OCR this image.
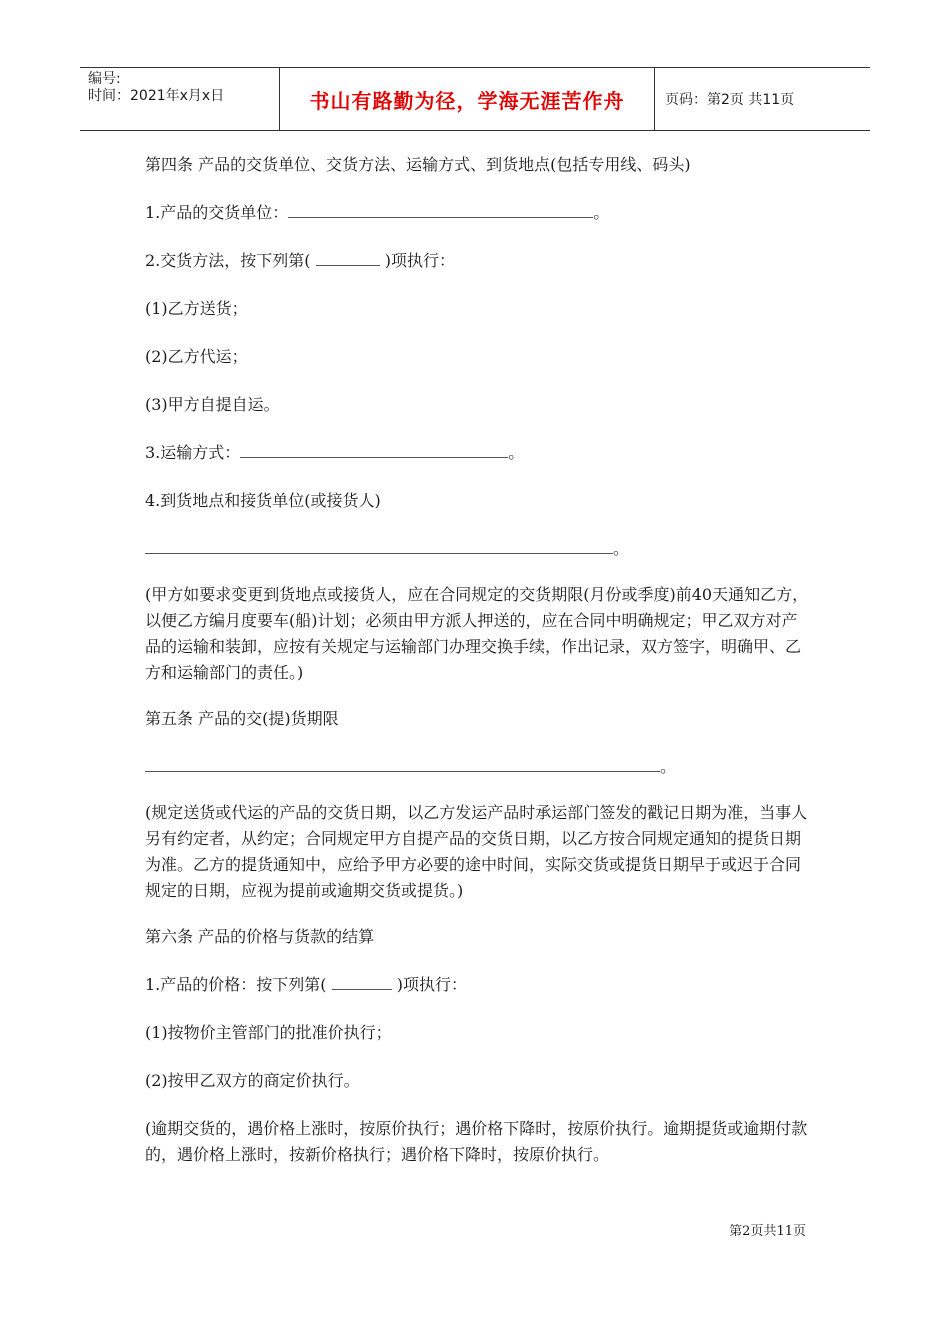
编号:
时间：2021年x月x日	书山有路勤为径，学海无涯苦作舟	页码：第2页 共11页

第四条 产品的交货单位、交货方法、运输方式、到货地点(包括专用线、码头)

1.产品的交货单位：	。

2.交货方法，按下列第(	)项执行：

(1)乙方送货；

(2)乙方代运；

(3)甲方自提自运。

3.运输方式：	。

4.到货地点和接货单位(或接货人)

。

(甲方如要求变更到货地点或接货人，应在合同规定的交货期限(月份或季度)前40天通知乙方，以便乙方编月度要车(船)计划；必须由甲方派人押送的，应在合同中明确规定；甲乙双方对产品的运输和装卸，应按有关规定与运输部门办理交换手续，作出记录，双方签字，明确甲、乙方和运输部门的责任。)

第五条 产品的交(提)货期限

。

(规定送货或代运的产品的交货日期，以乙方发运产品时承运部门签发的戳记日期为准，当事人另有约定者，从约定；合同规定甲方自提产品的交货日期，以乙方按合同规定通知的提货日期为准。乙方的提货通知中，应给予甲方必要的途中时间，实际交货或提货日期早于或迟于合同规定的日期，应视为提前或逾期交货或提货。)

第六条 产品的价格与货款的结算

1.产品的价格：按下列第(	)项执行：

(1)按物价主管部门的批准价执行；

(2)按甲乙双方的商定价执行。

(逾期交货的，遇价格上涨时，按原价执行；遇价格下降时，按原价执行。逾期提货或逾期付款的，遇价格上涨时，按新价格执行；遇价格下降时，按原价执行。

第2页共11页
